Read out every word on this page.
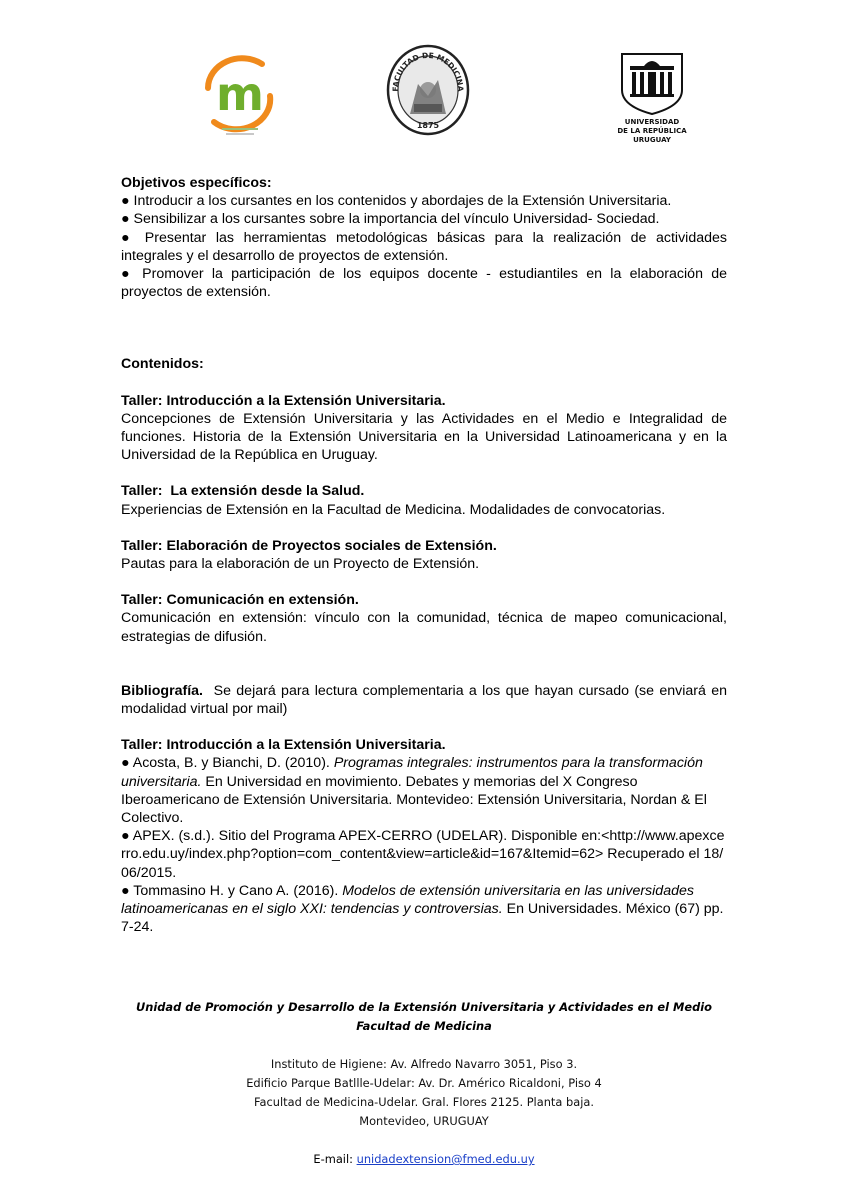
m	FACULTAD DE MEDICINA
1875	UNIVERSIDAD
DE LA REPÚBLICA
URUGUAY

Objetivos específicos:

● Introducir a los cursantes en los contenidos y abordajes de la Extensión Universitaria.

● Sensibilizar a los cursantes sobre la importancia del vínculo Universidad- Sociedad.

● Presentar las herramientas metodológicas básicas para la realización de actividades integrales y el desarrollo de proyectos de extensión.

● Promover la participación de los equipos docente - estudiantiles en la elaboración de proyectos de extensión.

Contenidos:

Taller: Introducción a la Extensión Universitaria.

Concepciones de Extensión Universitaria y las Actividades en el Medio e Integralidad de funciones. Historia de la Extensión Universitaria en la Universidad Latinoamericana y en la Universidad de la República en Uruguay.

Taller:  La extensión desde la Salud.

Experiencias de Extensión en la Facultad de Medicina. Modalidades de convocatorias.

Taller: Elaboración de Proyectos sociales de Extensión.

Pautas para la elaboración de un Proyecto de Extensión.

Taller: Comunicación en extensión.

Comunicación en extensión: vínculo con la comunidad, técnica de mapeo comunicacional, estrategias de difusión.

Bibliografía.  Se dejará para lectura complementaria a los que hayan cursado (se enviará en modalidad virtual por mail)

Taller: Introducción a la Extensión Universitaria.

● Acosta, B. y Bianchi, D. (2010). Programas integrales: instrumentos para la transformación universitaria. En Universidad en movimiento. Debates y memorias del X Congreso Iberoamericano de Extensión Universitaria. Montevideo: Extensión Universitaria, Nordan & El Colectivo.

● APEX. (s.d.). Sitio del Programa APEX-CERRO (UDELAR). Disponible en:<http://www.apexcerro.edu.uy/index.php?option=com_content&view=article&id=167&Itemid=62> Recuperado el 18/06/2015.

● Tommasino H. y Cano A. (2016). Modelos de extensión universitaria en las universidades latinoamericanas en el siglo XXI: tendencias y controversias. En Universidades. México (67) pp. 7-24.

Unidad de Promoción y Desarrollo de la Extensión Universitaria y Actividades en el Medio
Facultad de Medicina
Instituto de Higiene: Av. Alfredo Navarro 3051, Piso 3.
Edificio Parque Batllle-Udelar: Av. Dr. Américo Ricaldoni, Piso 4
Facultad de Medicina-Udelar. Gral. Flores 2125. Planta baja.
Montevideo, URUGUAY
E-mail: unidadextension@fmed.edu.uy
